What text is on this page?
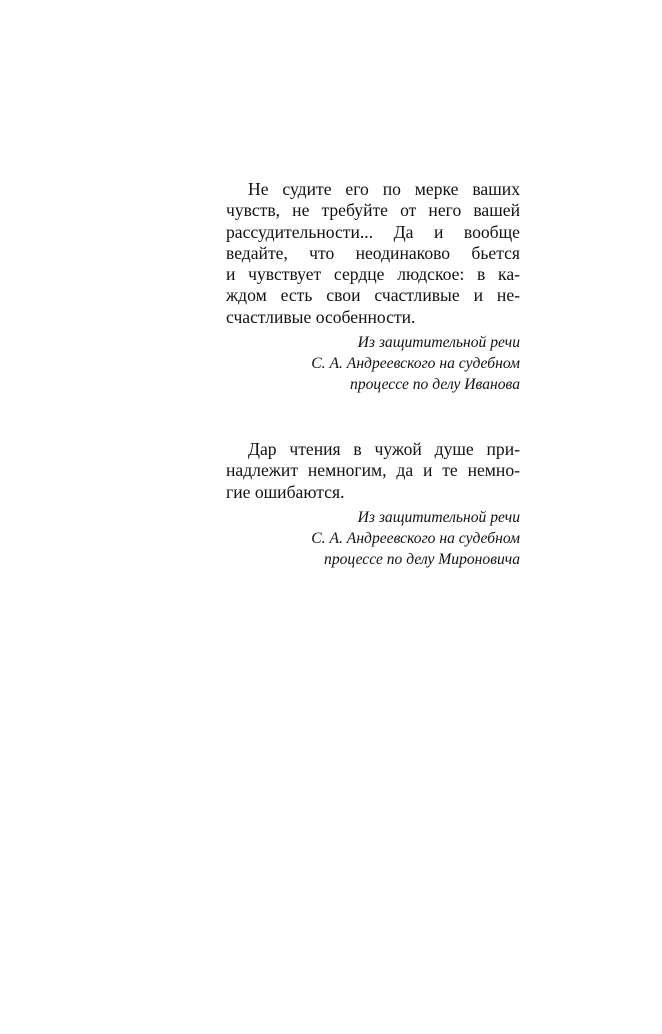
Не судите его по мерке ваших
чувств, не требуйте от него вашей
рассудительности... Да и вообще
ведайте, что неодинаково бьется
и чувствует сердце людское: в ка-
ждом есть свои счастливые и не-
счастливые особенности.
Из защитительной речи
С. А. Андреевского на судебном
процессе по делу Иванова
Дар чтения в чужой душе при-
надлежит немногим, да и те немно-
гие ошибаются.
Из защитительной речи
С. А. Андреевского на судебном
процессе по делу Мироновича
